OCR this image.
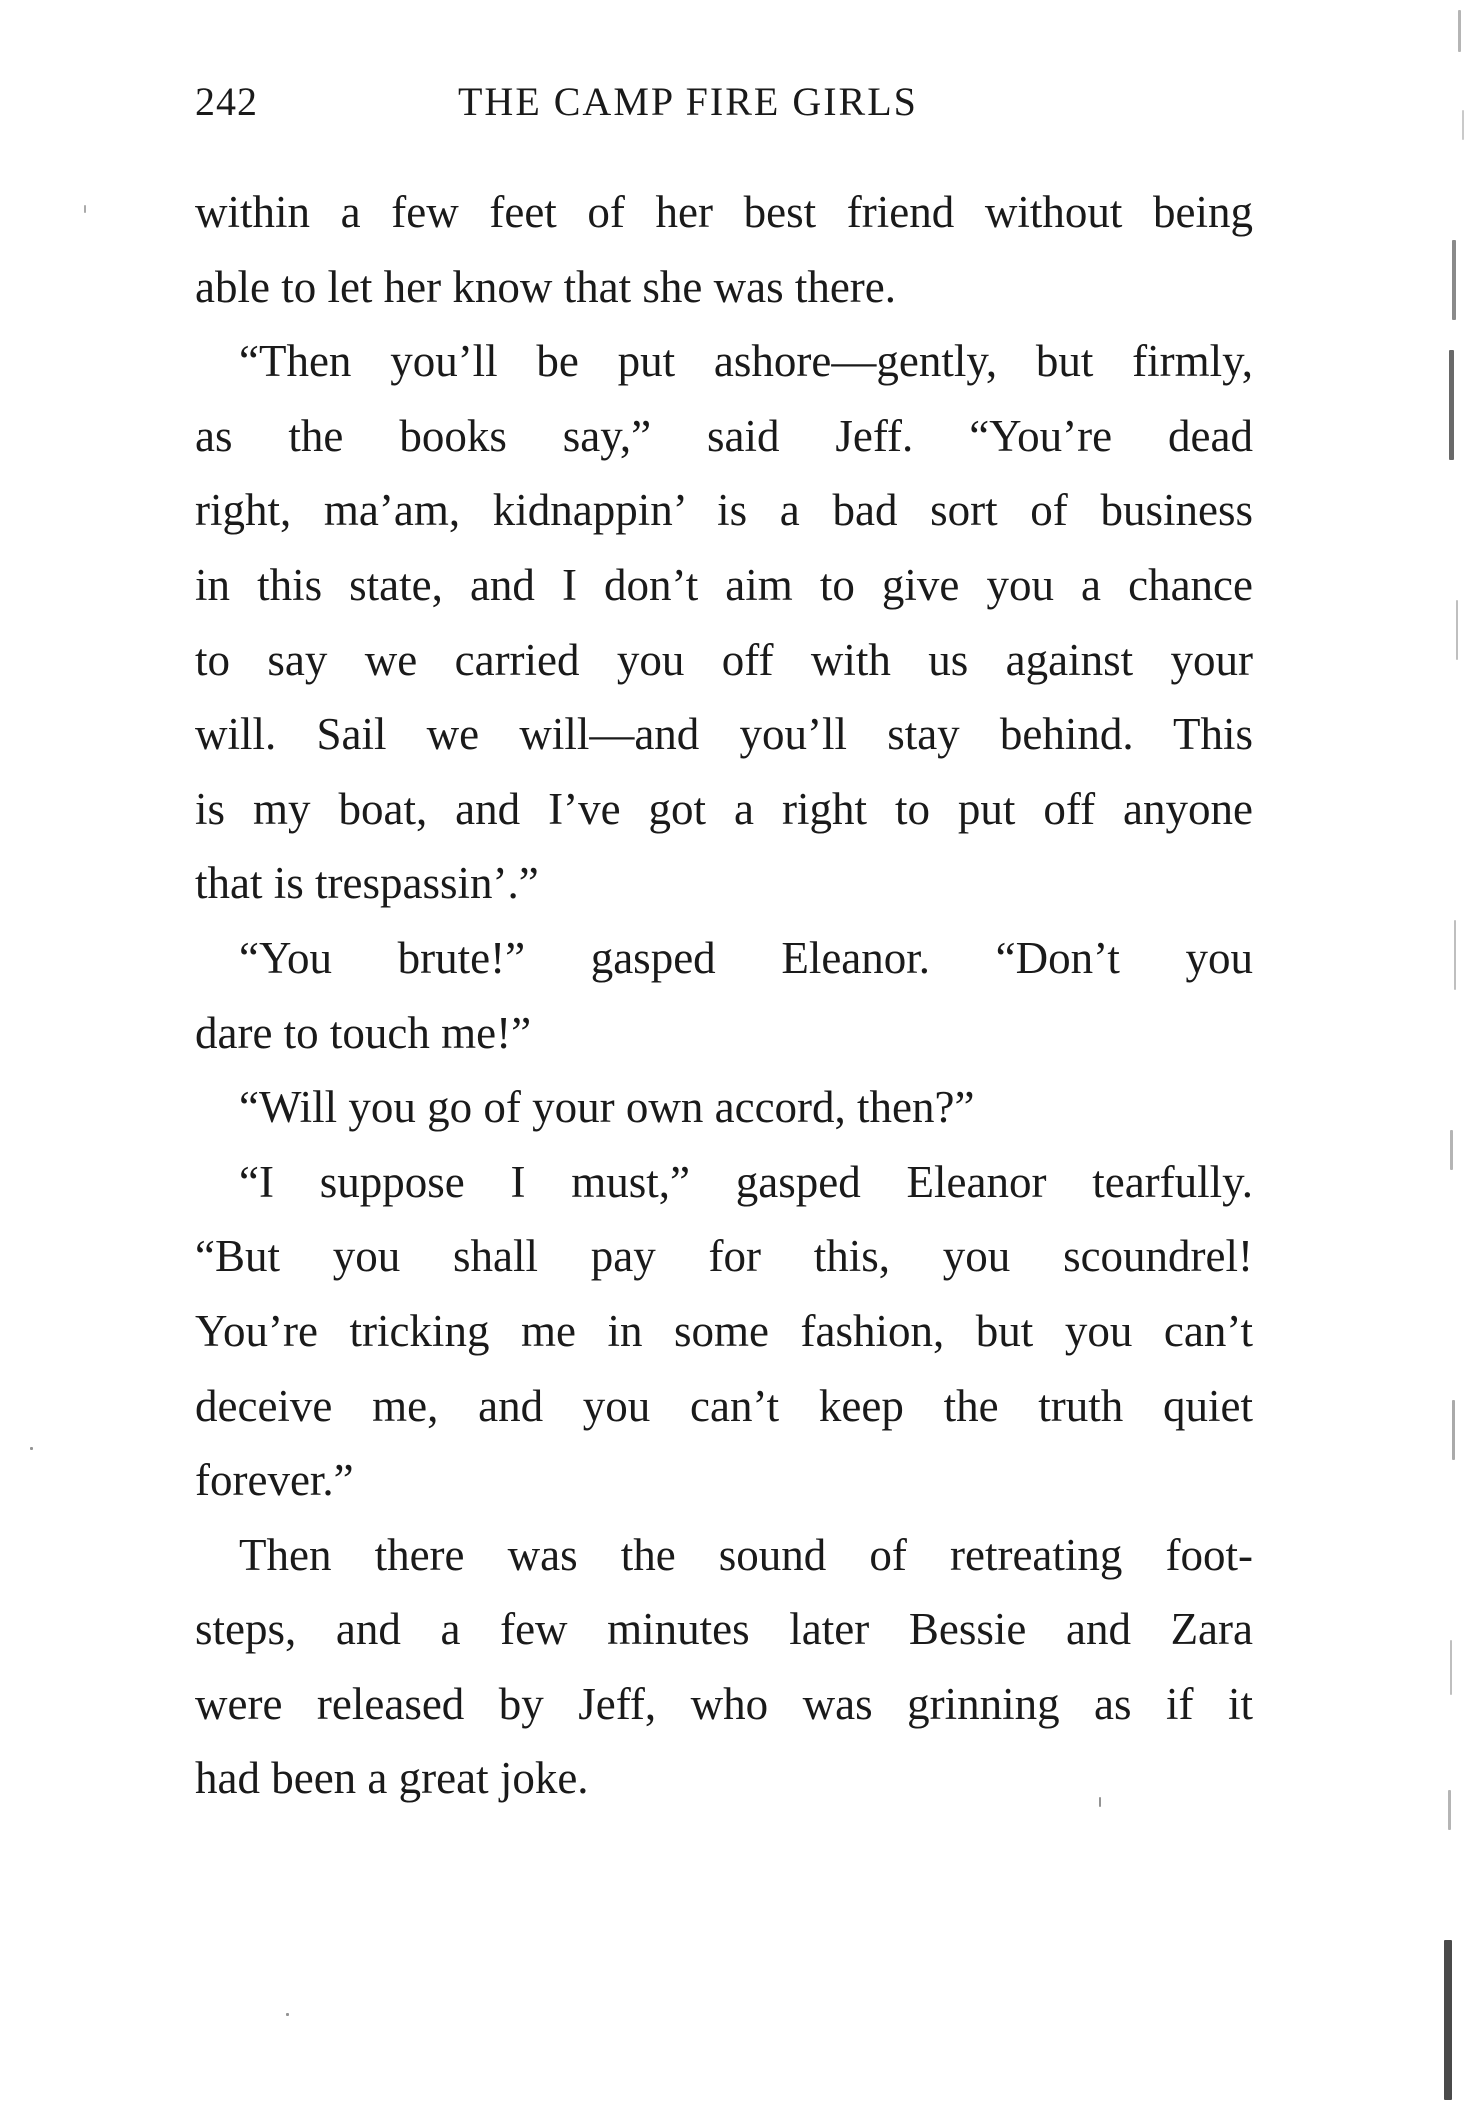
242	THE CAMP FIRE GIRLS
within a few feet of her best friend without being
able to let her know that she was there.
“Then you’ll be put ashore—gently, but firmly,
as the books say,” said Jeff. “You’re dead
right, ma’am, kidnappin’ is a bad sort of business
in this state, and I don’t aim to give you a chance
to say we carried you off with us against your
will. Sail we will—and you’ll stay behind. This
is my boat, and I’ve got a right to put off anyone
that is trespassin’.”
“You brute!” gasped Eleanor. “Don’t you
dare to touch me!”
“Will you go of your own accord, then?”
“I suppose I must,” gasped Eleanor tearfully.
“But you shall pay for this, you scoundrel!
You’re tricking me in some fashion, but you can’t
deceive me, and you can’t keep the truth quiet
forever.”
Then there was the sound of retreating foot-
steps, and a few minutes later Bessie and Zara
were released by Jeff, who was grinning as if it
had been a great joke.
